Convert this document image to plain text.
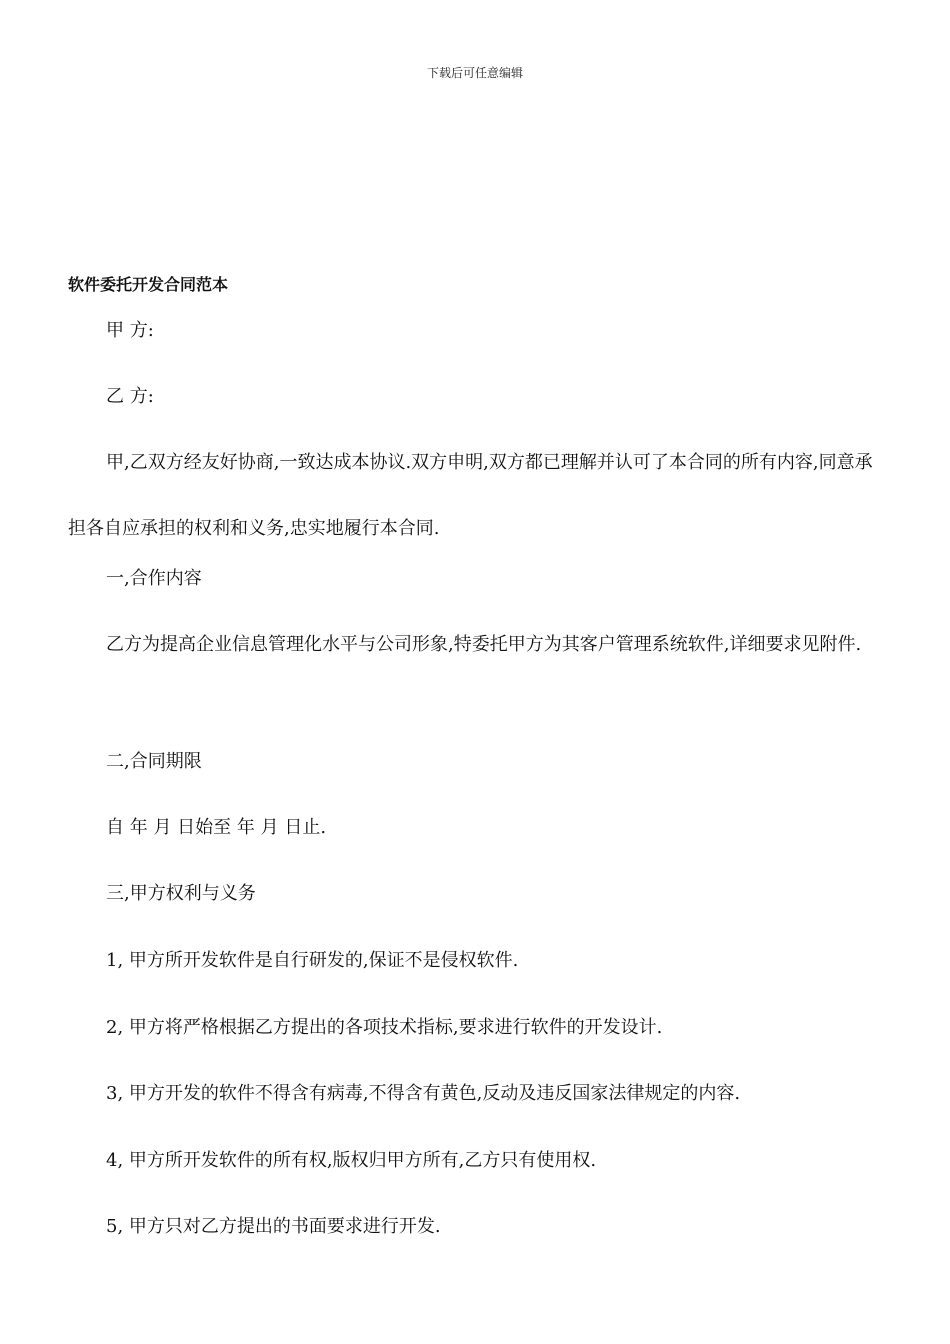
下载后可任意编辑
软件委托开发合同范本

甲 方:

乙 方:

甲,乙双方经友好协商,一致达成本协议.双方申明,双方都已理解并认可了本合同的所有内容,同意承担各自应承担的权利和义务,忠实地履行本合同.

一,合作内容

乙方为提高企业信息管理化水平与公司形象,特委托甲方为其客户管理系统软件,详细要求见附件.

二,合同期限

自 年 月 日始至 年 月 日止.

三,甲方权利与义务

1, 甲方所开发软件是自行研发的,保证不是侵权软件.

2, 甲方将严格根据乙方提出的各项技术指标,要求进行软件的开发设计.

3, 甲方开发的软件不得含有病毒,不得含有黄色,反动及违反国家法律规定的内容.

4, 甲方所开发软件的所有权,版权归甲方所有,乙方只有使用权.

5, 甲方只对乙方提出的书面要求进行开发.
